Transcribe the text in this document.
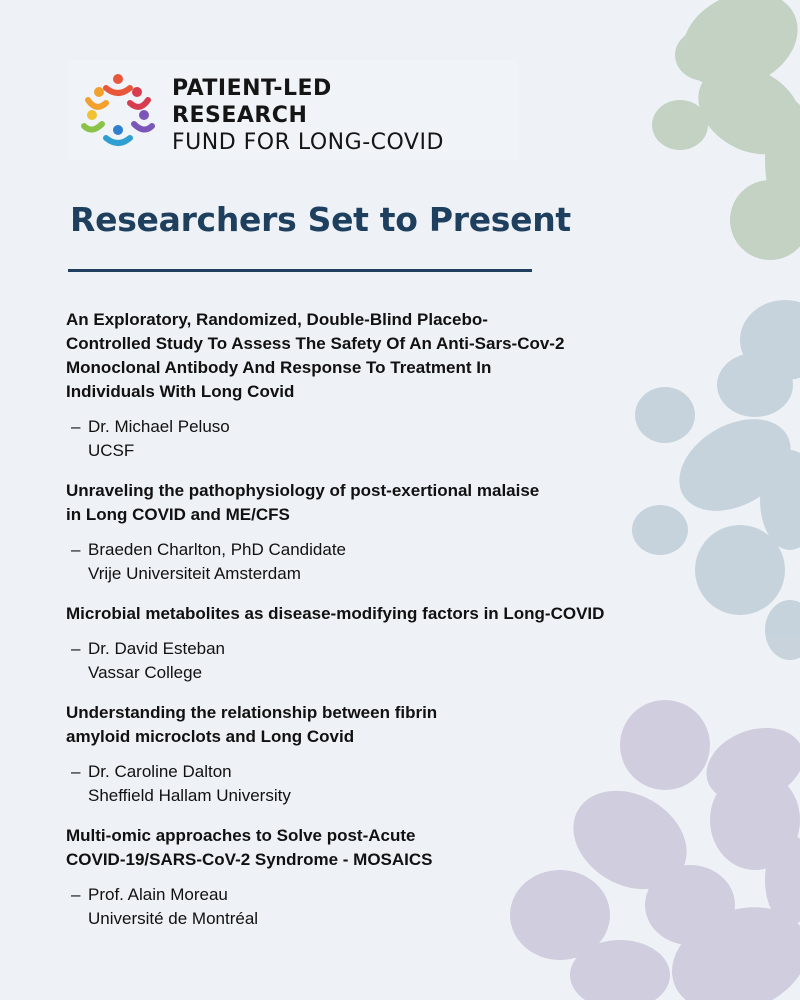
PATIENT-LED
RESEARCH
FUND FOR LONG-COVID
Researchers Set to Present
An Exploratory, Randomized, Double-Blind Placebo-
Controlled Study To Assess The Safety Of An Anti-Sars-Cov-2
Monoclonal Antibody And Response To Treatment In
Individuals With Long Covid
– Dr. Michael Peluso
UCSF
Unraveling the pathophysiology of post-exertional malaise
in Long COVID and ME/CFS
– Braeden Charlton, PhD Candidate
Vrije Universiteit Amsterdam
Microbial metabolites as disease-modifying factors in Long-COVID
– Dr. David Esteban
Vassar College
Understanding the relationship between fibrin
amyloid microclots and Long Covid
– Dr. Caroline Dalton
Sheffield Hallam University
Multi-omic approaches to Solve post-Acute
COVID-19/SARS-CoV-2 Syndrome - MOSAICS
– Prof. Alain Moreau
Université de Montréal
